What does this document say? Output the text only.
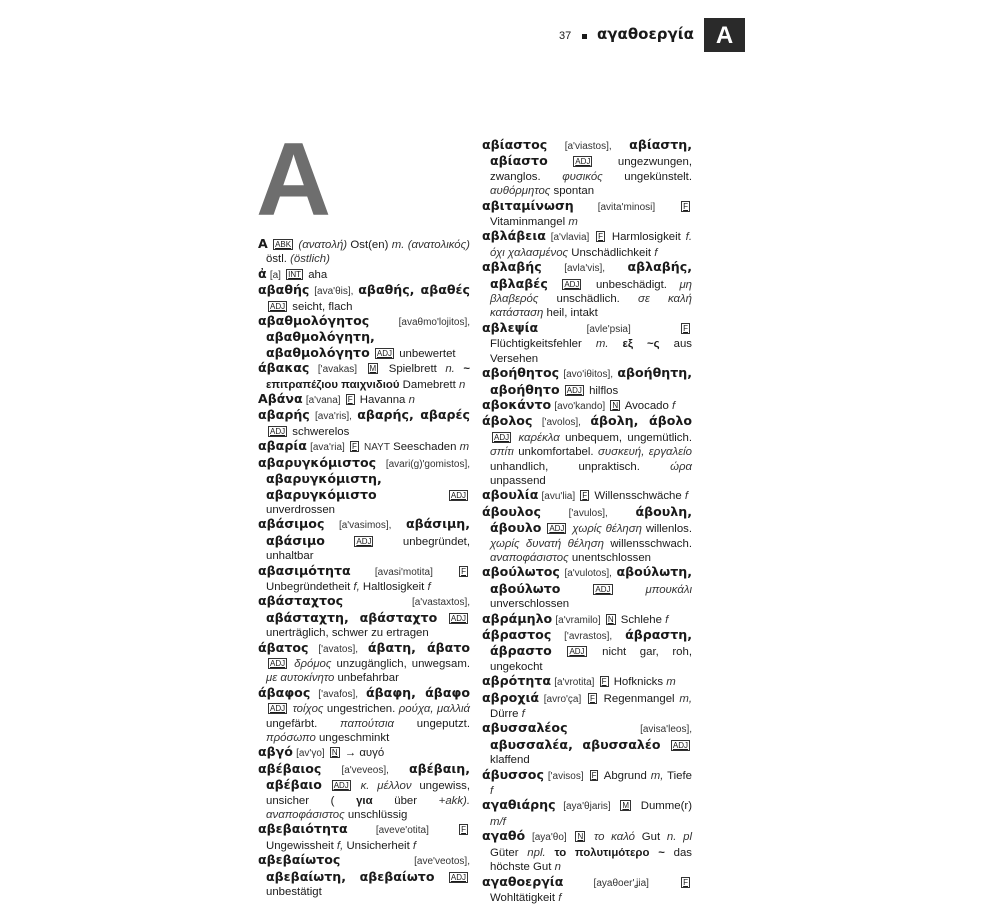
37 αγαθοεργία A
A
A ABK (ανατολή) Ost(en) m. (ανατολικός) östl. (östlich)
ἀ [a] INT aha
αβαθής [ava'θis], αβαθής, αβαθές ADJ seicht, flach
αβαθμολόγητος	[avaθmo'loјitos], αβαθμολόγητη, αβαθμολόγητο ADJ unbewertet
άβακας ['avakas] M Spielbrett n. ~ επιτραπέζιου παιχνιδιού Damebrett n
Αβάνα [a'vana] F Havanna n
αβαρής [ava'ris], αβαρής, αβαρές ADJ schwerelos
αβαρία [ava'ria] F ΝΑΥΤ Seeschaden m
αβαρυγκόμιστος [avari(ɡ)'gomistos], αβαρυγκόμιστη, αβαρυγκόμιστο	ADJ unverdrossen
αβάσιμος [a'vasimos], αβάσιμη, αβάσιμο	ADJ	unbegründet, unhaltbar
αβασιμότητα [avasi'motita]	F Unbegründetheit f, Haltlosigkeit f
αβάσταχτος	[a'vastaxtos], αβάσταχτη, αβάσταχτο ADJ unerträglich, schwer zu ertragen
άβατος ['avatos], άβατη, άβατο ADJ δρόμος unzugänglich, unwegsam. με αυτοκίνητο unbefahrbar
άβαφος ['avafos], άβαφη, άβαφο ADJ τοίχος ungestrichen. ρούχα, μαλλιά ungefärbt. παπούτσια ungeputzt. πρόσωπο ungeschminkt
αβγό [av'γo] N → αυγό
αβέβαιος [a'veveos], αβέβαιη, αβέβαιο ADJ κ. μέλλον ungewiss, unsicher ( για über +akk). αναποφάσιστος unschlüssig
αβεβαιότητα	[aveve'otita]	F Ungewissheit f, Unsicherheit f
αβεβαίωτος	[ave'veotos], αβεβαίωτη, αβεβαίωτο ADJ unbestätigt
αβίαστος [a'viastos], αβίαστη, αβίαστο	ADJ ungezwungen, zwanglos. φυσικός ungekünstelt. αυθόρμητος spontan
αβιταμίνωση [avita'minosi]	F Vitaminmangel m
αβλάβεια [a'vlavia] F Harmlosigkeit f. όχι χαλασμένος Unschädlichkeit f
αβλαβής [avla'vis], αβλαβής, αβλαβές ADJ unbeschädigt. μη βλαβερός unschädlich. σε καλή κατάσταση heil, intakt
αβλεψία	[avle'psia]	F Flüchtigkeitsfehler m. εξ ~ς aus Versehen
αβοήθητος [avo'iθitos], αβοήθητη, αβοήθητο ADJ hilflos
αβοκάντο [avo'kando] N Avocado f
άβολος ['avolos], άβολη, άβολο ADJ καρέκλα unbequem, ungemütlich. σπίτι unkomfortabel. συσκευή, εργαλείο unhandlich, unpraktisch.	ώρα unpassend
αβουλία [avu'lia] F Willensschwäche f
άβουλος	['avulos], άβουλη, άβουλο ADJ χωρίς θέληση willenlos. χωρίς δυνατή θέληση willensschwach. αναποφάσιστος unentschlossen
αβούλωτος [a'vulotos], αβούλωτη, αβούλωτο	ADJ	μπουκάλι unverschlossen
αβράμηλο [a'vramilo] N Schlehe f
άβραστος ['avrastos], άβραστη, άβραστο ADJ nicht gar, roh, ungekocht
αβρότητα [a'vrotita] F Hofknicks m
αβροχιά [avro'ça] F Regenmangel m, Dürre f
αβυσσαλέος	[avisa'leos], αβυσσαλέα, αβυσσαλέο ADJ klaffend
άβυσσος ['avisos] F Abgrund m, Tiefe f
αγαθιάρης [aya'θjaris] M Dumme(r) m/f
αγαθό [aya'θo] N το καλό Gut n. pl Güter npl. το πολυτιμότερο ~ das höchste Gut n
αγαθοεργία	[ayaθoer'ʝia]	F Wohltätigkeit f
